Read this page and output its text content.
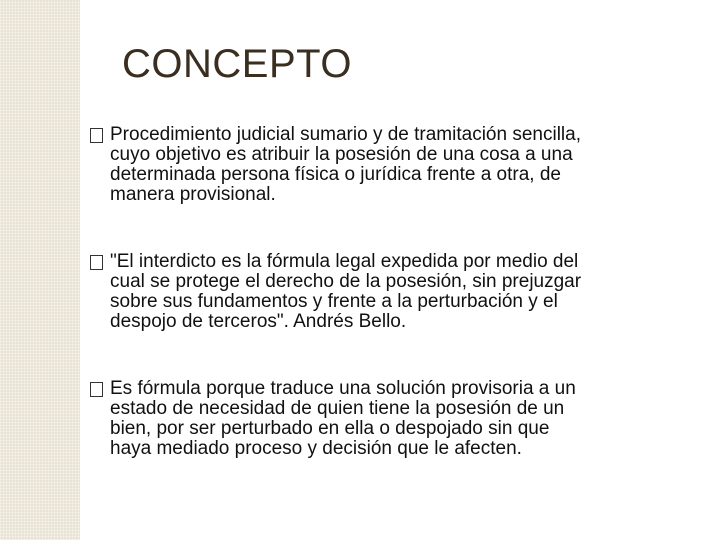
CONCEPTO
Procedimiento judicial sumario y de tramitación sencilla,
cuyo objetivo es atribuir la posesión de una cosa a una
determinada persona física o jurídica frente a otra, de
manera provisional.
"El interdicto es la fórmula legal expedida por medio del
cual se protege el derecho de la posesión, sin prejuzgar
sobre sus fundamentos y frente a la perturbación y el
despojo de terceros". Andrés Bello.
Es fórmula porque traduce una solución provisoria a un
estado de necesidad de quien tiene la posesión de un
bien, por ser perturbado en ella o despojado sin que
haya mediado proceso y decisión que le afecten.
